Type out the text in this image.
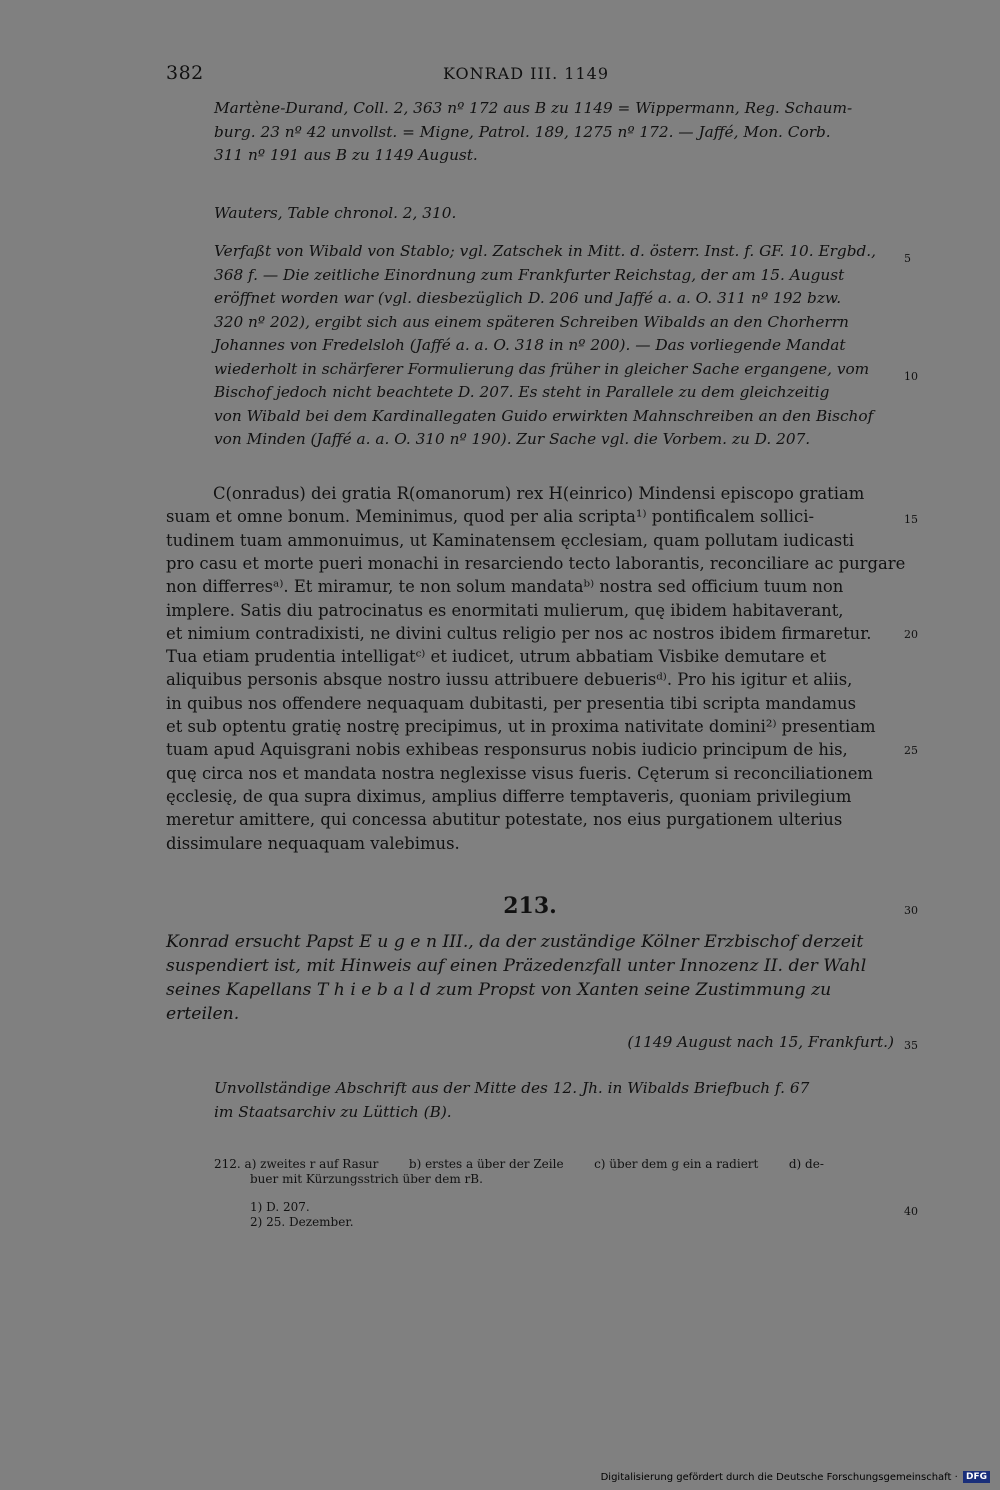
382	KONRAD III. 1149
Martène-Durand, Coll. 2, 363 nº 172 aus B zu 1149 = Wippermann, Reg. Schaum-
burg. 23 nº 42 unvollst. = Migne, Patrol. 189, 1275 nº 172. — Jaffé, Mon. Corb.
311 nº 191 aus B zu 1149 August.
Wauters, Table chronol. 2, 310.
Verfaßt von Wibald von Stablo; vgl. Zatschek in Mitt. d. österr. Inst. f. GF. 10. Ergbd.,
368 f. — Die zeitliche Einordnung zum Frankfurter Reichstag, der am 15. August
eröffnet worden war (vgl. diesbezüglich D. 206 und Jaffé a. a. O. 311 nº 192 bzw.
320 nº 202), ergibt sich aus einem späteren Schreiben Wibalds an den Chorherrn
Johannes von Fredelsloh (Jaffé a. a. O. 318 in nº 200). — Das vorliegende Mandat
wiederholt in schärferer Formulierung das früher in gleicher Sache ergangene, vom
Bischof jedoch nicht beachtete D. 207. Es steht in Parallele zu dem gleichzeitig
von Wibald bei dem Kardinallegaten Guido erwirkten Mahnschreiben an den Bischof
von Minden (Jaffé a. a. O. 310 nº 190). Zur Sache vgl. die Vorbem. zu D. 207.
C(onradus) dei gratia R(omanorum) rex H(einrico) Mindensi episcopo gratiam
suam et omne bonum. Meminimus, quod per alia scripta¹⁾ pontificalem sollici-
tudinem tuam ammonuimus, ut Kaminatensem ęcclesiam, quam pollutam iudicasti
pro casu et morte pueri monachi in resarciendo tecto laborantis, reconciliare ac purgare
non differresᵃ⁾. Et miramur, te non solum mandataᵇ⁾ nostra sed officium tuum non
implere. Satis diu patrocinatus es enormitati mulierum, quę ibidem habitaverant,
et nimium contradixisti, ne divini cultus religio per nos ac nostros ibidem firmaretur.
Tua etiam prudentia intelligatᶜ⁾ et iudicet, utrum abbatiam Visbike demutare et
aliquibus personis absque nostro iussu attribuere debuerisᵈ⁾. Pro his igitur et aliis,
in quibus nos offendere nequaquam dubitasti, per presentia tibi scripta mandamus
et sub optentu gratię nostrę precipimus, ut in proxima nativitate domini²⁾ presentiam
tuam apud Aquisgrani nobis exhibeas responsurus nobis iudicio principum de his,
quę circa nos et mandata nostra neglexisse visus fueris. Cęterum si reconciliationem
ęcclesię, de qua supra diximus, amplius differre temptaveris, quoniam privilegium
meretur amittere, qui concessa abutitur potestate, nos eius purgationem ulterius
dissimulare nequaquam valebimus.
213.
Konrad ersucht Papst E u g e n III., da der zuständige Kölner Erzbischof derzeit
suspendiert ist, mit Hinweis auf einen Präzedenzfall unter Innozenz II. der Wahl
seines Kapellans T h i e b a l d zum Propst von Xanten seine Zustimmung zu
erteilen.
(1149 August nach 15, Frankfurt.)
Unvollständige Abschrift aus der Mitte des 12. Jh. in Wibalds Briefbuch f. 67
im Staatsarchiv zu Lüttich (B).
212. a) zweites r auf Rasur        b) erstes a über der Zeile        c) über dem g ein a radiert        d) de-
buer mit Kürzungsstrich über dem rB.
1) D. 207.
2) 25. Dezember.
5
10
15
20
25
30
35
40
Digitalisierung gefördert durch die Deutsche Forschungsgemeinschaft · DFG
